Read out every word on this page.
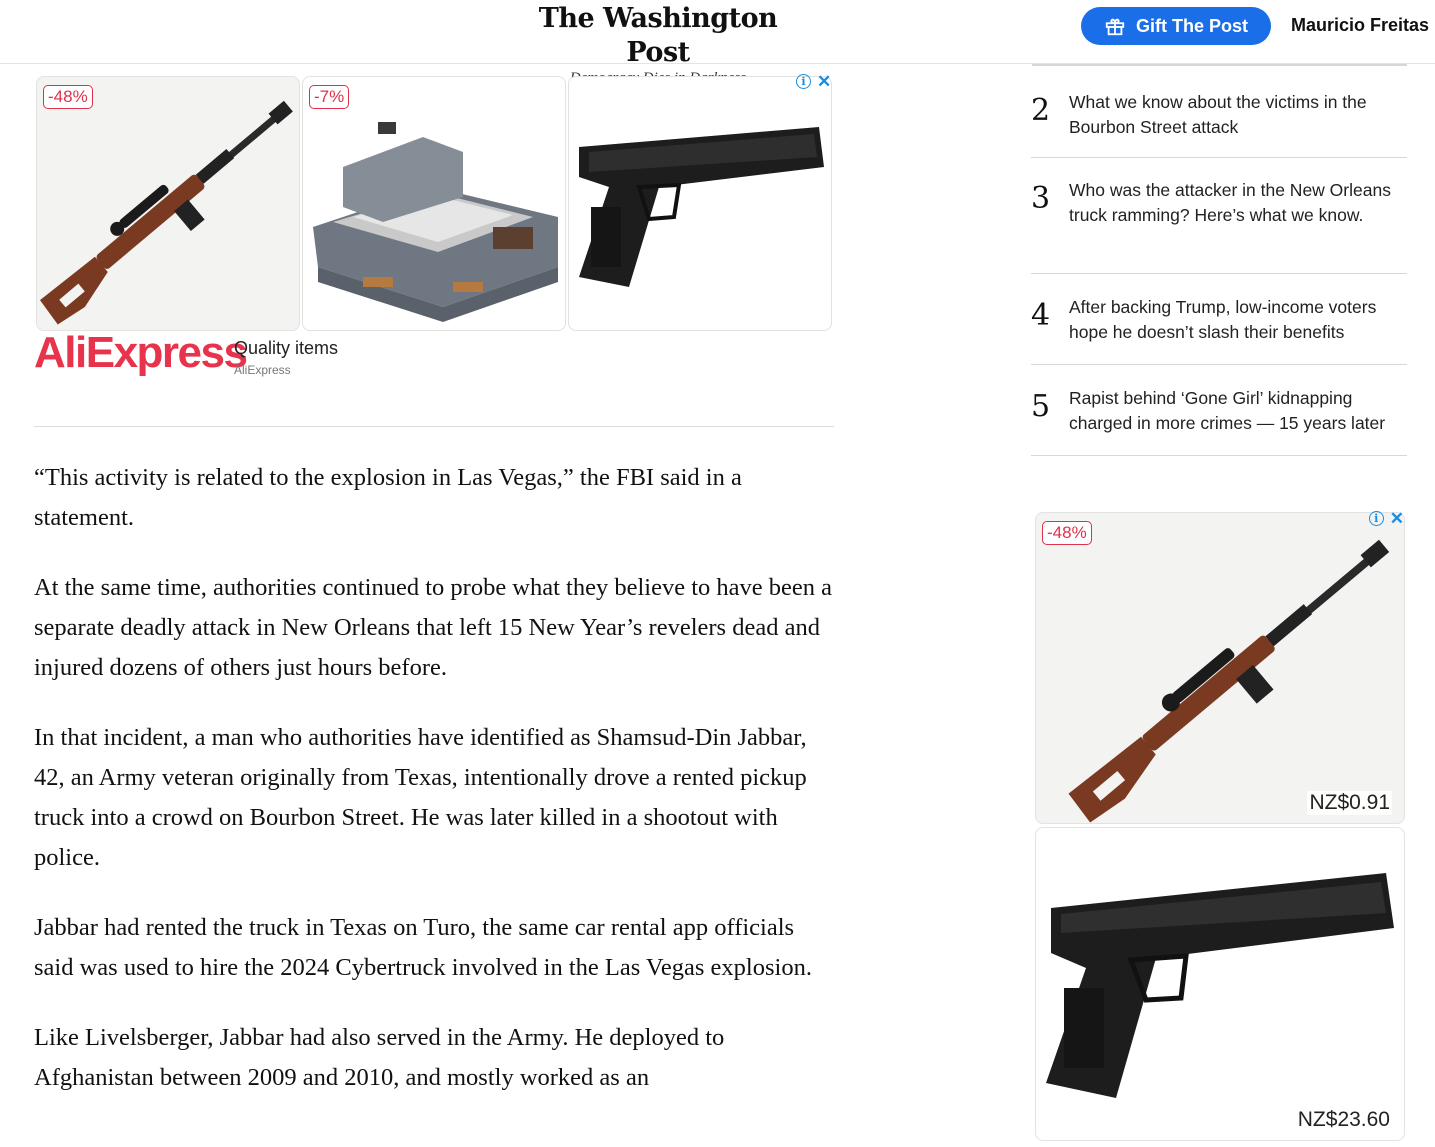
The Washington Post
Gift The Post Mauricio Freitas
-48%	-7%
i ✕
AliExpress
Quality items
AliExpress

“This activity is related to the explosion in Las Vegas,” the FBI said in a statement.

At the same time, authorities continued to probe what they believe to have been a separate deadly attack in New Orleans that left 15 New Year’s revelers dead and injured dozens of others just hours before.

In that incident, a man who authorities have identified as Shamsud-Din Jabbar, 42, an Army veteran originally from Texas, intentionally drove a rented pickup truck into a crowd on Bourbon Street. He was later killed in a shootout with police.

Jabbar had rented the truck in Texas on Turo, the same car rental app officials said was used to hire the 2024 Cybertruck involved in the Las Vegas explosion.

Like Livelsberger, Jabbar had also served in the Army. He deployed to Afghanistan between 2009 and 2010, and mostly worked as an

2	What we know about the victims in the Bourbon Street attack
3	Who was the attacker in the New Orleans truck ramming? Here’s what we know.
4	After backing Trump, low-income voters hope he doesn’t slash their benefits
5	Rapist behind ‘Gone Girl’ kidnapping charged in more crimes — 15 years later
-48%
NZ$0.91
NZ$23.60
i ✕
